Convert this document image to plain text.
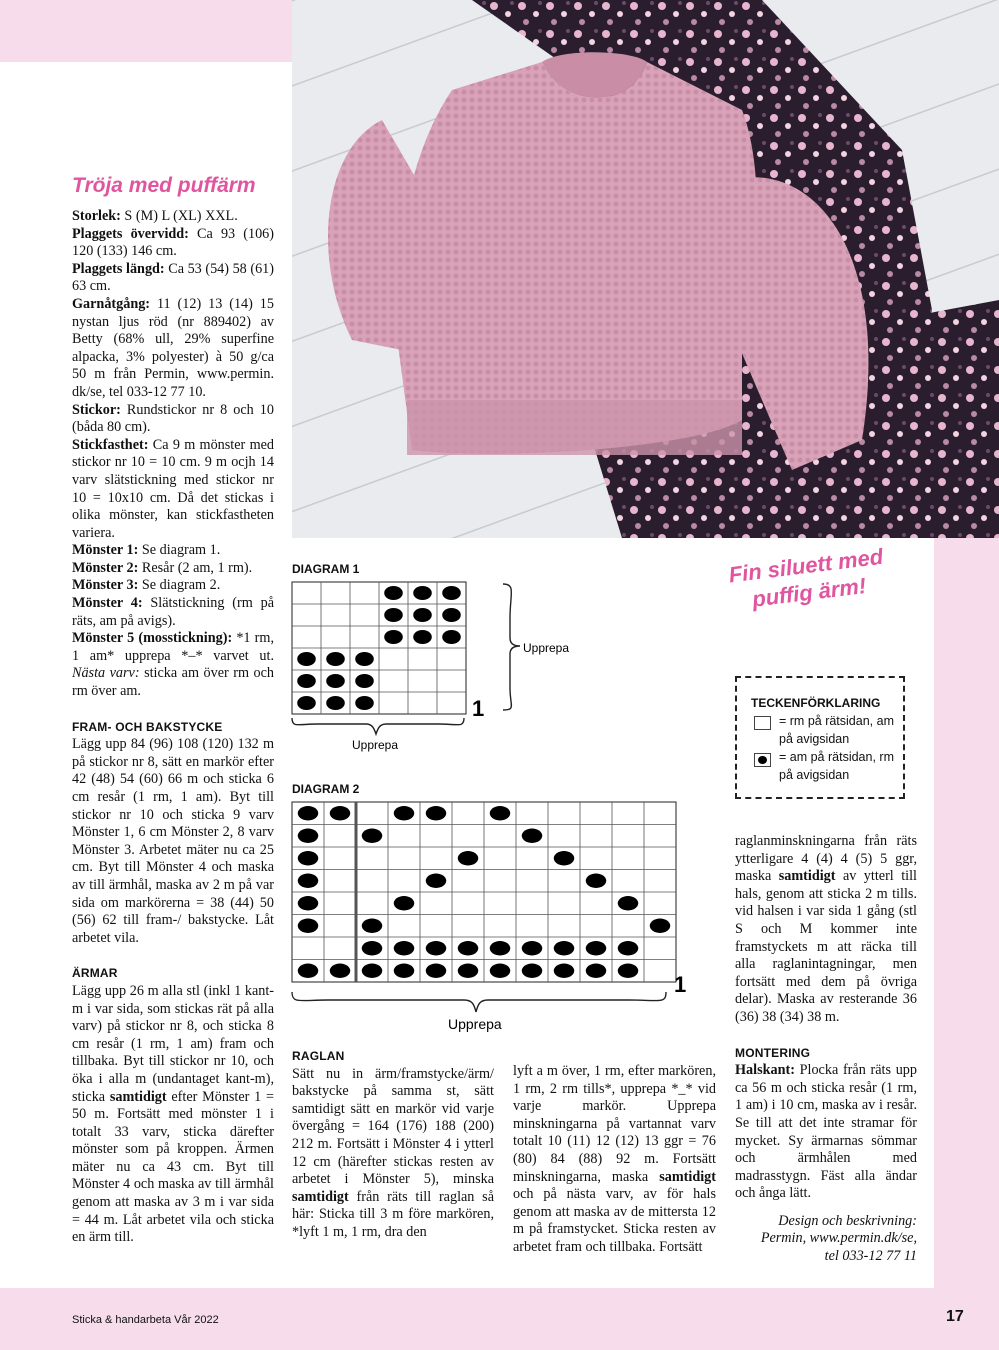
Tröja med puffärm

Storlek: S (M) L (XL) XXL.

Plaggets övervidd: Ca 93 (106) 120 (133) 146 cm.

Plaggets längd: Ca 53 (54) 58 (61) 63 cm.

Garnåtgång: 11 (12) 13 (14) 15 nystan ljus röd (nr 889402) av Betty (68% ull, 29% superfine alpacka, 3% polyester) à 50 g/ca 50 m från Permin, www.permin. dk/se, tel 033-12 77 10.

Stickor: Rundstickor nr 8 och 10 (båda 80 cm).

Stickfasthet: Ca 9 m mönster med stickor nr 10 = 10 cm. 9 m ocjh 14 varv slätstickning med stickor nr 10 = 10x10 cm. Då det stickas i olika mönster, kan stickfastheten variera.

Mönster 1: Se diagram 1.

Mönster 2: Resår (2 am, 1 rm).

Mönster 3: Se diagram 2.

Mönster 4: Slätstickning (rm på räts, am på avigs).

Mönster 5 (mosstickning): *1 rm, 1 am* upprepa *–* varvet ut. Nästa varv: sticka am över rm och rm över am.

FRAM- OCH BAKSTYCKE

Lägg upp 84 (96) 108 (120) 132 m på stickor nr 8, sätt en markör efter 42 (48) 54 (60) 66 m och sticka 6 cm resår (1 rm, 1 am). Byt till stickor nr 10 och sticka 9 varv Mönster 1, 6 cm Mönster 2, 8 varv Mönster 3. Arbetet mäter nu ca 25 cm. Byt till Mönster 4 och maska av till ärmhål, maska av 2 m på var sida om markörerna = 38 (44) 50 (56) 62 till fram-/ bakstycke. Låt arbetet vila.

ÄRMAR

Lägg upp 26 m alla stl (inkl 1 kant-m i var sida, som stickas rät på alla varv) på stickor nr 8, och sticka 8 cm resår (1 rm, 1 am) fram och tillbaka. Byt till stickor nr 10, och öka i alla m (undantaget kant-m), sticka samtidigt efter Mönster 1 = 50 m. Fortsätt med mönster 1 i totalt 33 varv, sticka därefter mönster som på kroppen. Ärmen mäter nu ca 43 cm. Byt till Mönster 4 och maska av till ärmhål genom att maska av 3 m i var sida = 44 m. Låt arbetet vila och sticka en ärm till.

DIAGRAM 1

1
Upprepa
Upprepa

DIAGRAM 2

1
Upprepa
Fin siluett med puffig ärm!
TECKENFÖRKLARING
= rm på rätsidan, am på avigsidan
= am på rätsidan, rm på avigsidan

RAGLAN

Sätt nu in ärm/framstycke/ärm/ bakstycke på samma st, sätt samtidigt sätt en markör vid varje övergång = 164 (176) 188 (200) 212 m. Fortsätt i Mönster 4 i ytterl 12 cm (härefter stickas resten av arbetet i Mönster 5), minska samtidigt från räts till raglan så här: Sticka till 3 m före markören, *lyft 1 m, 1 rm, dra den

lyft a m över, 1 rm, efter markören, 1 rm, 2 rm tills*, upprepa *_* vid varje markör. Upprepa minskningarna på vartannat varv totalt 10 (11) 12 (12) 13 ggr = 76 (80) 84 (88) 92 m. Fortsätt minskningarna, maska samtidigt och på nästa varv, av för hals genom att maska av de mittersta 12 m på framstycket. Sticka resten av arbetet fram och tillbaka. Fortsätt

raglanminskningarna från räts ytterligare 4 (4) 4 (5) 5 ggr, maska samtidigt av ytterl till hals, genom att sticka 2 m tills. vid halsen i var sida 1 gång (stl S och M kommer inte framstyckets m att räcka till alla raglanintagningar, men fortsätt med dem på övriga delar). Maska av resterande 36 (36) 38 (34) 38 m.

MONTERING

Halskant: Plocka från räts upp ca 56 m och sticka resår (1 rm, 1 am) i 10 cm, maska av i resår. Se till att det inte stramar för mycket. Sy ärmarnas sömmar och ärmhålen med madrasstygn. Fäst alla ändar och ånga lätt.

Design och beskrivning:

Permin, www.permin.dk/se,

tel 033-12 77 11

Sticka & handarbeta Vår 2022	17
